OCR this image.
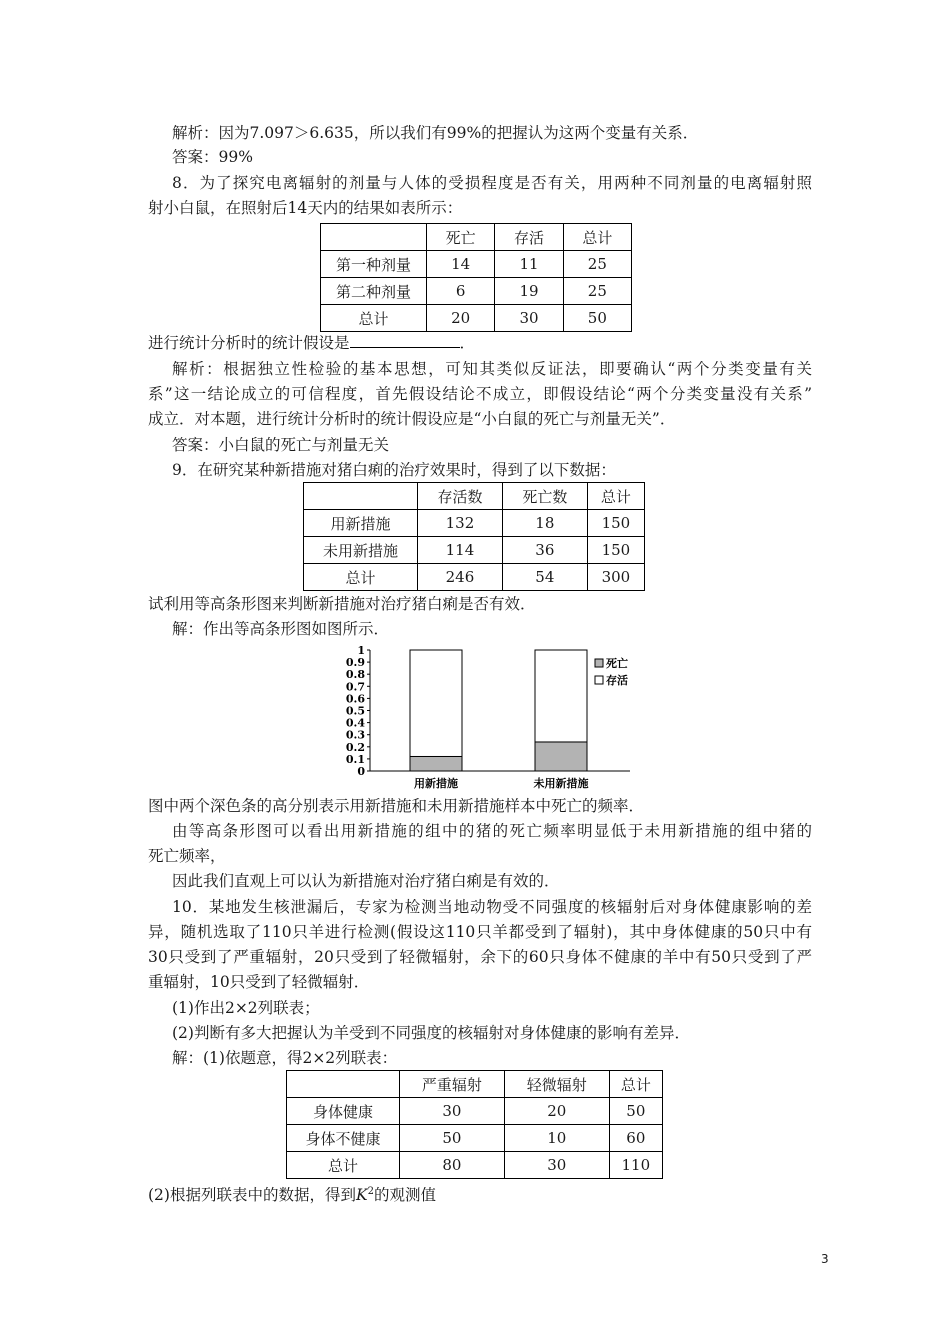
解析：因为7.097＞6.635，所以我们有99%的把握认为这两个变量有关系．
答案：99%
8．为了探究电离辐射的剂量与人体的受损程度是否有关，用两种不同剂量的电离辐射照
射小白鼠，在照射后14天内的结果如表所示：
	死亡	存活	总计
第一种剂量	14	11	25
第二种剂量	6	19	25
总计	20	30	50
进行统计分析时的统计假设是	．
解析：根据独立性检验的基本思想，可知其类似反证法，即要确认“两个分类变量有关
系”这一结论成立的可信程度，首先假设结论不成立，即假设结论“两个分类变量没有关系”
成立．对本题，进行统计分析时的统计假设应是“小白鼠的死亡与剂量无关”．
答案：小白鼠的死亡与剂量无关
9．在研究某种新措施对猪白痢的治疗效果时，得到了以下数据：
	存活数	死亡数	总计
用新措施	132	18	150
未用新措施	114	36	150
总计	246	54	300
试利用等高条形图来判断新措施对治疗猪白痢是否有效．
解：作出等高条形图如图所示．
0
0.1
0.2
0.3
0.4
0.5
0.6
0.7
0.8
0.9
1
用新措施	未用新措施
死亡
存活
图中两个深色条的高分别表示用新措施和未用新措施样本中死亡的频率．
由等高条形图可以看出用新措施的组中的猪的死亡频率明显低于未用新措施的组中猪的
死亡频率，
因此我们直观上可以认为新措施对治疗猪白痢是有效的．
10．某地发生核泄漏后，专家为检测当地动物受不同强度的核辐射后对身体健康影响的差
异，随机选取了110只羊进行检测(假设这110只羊都受到了辐射)，其中身体健康的50只中有
30只受到了严重辐射，20只受到了轻微辐射，余下的60只身体不健康的羊中有50只受到了严
重辐射，10只受到了轻微辐射．
(1)作出2×2列联表；
(2)判断有多大把握认为羊受到不同强度的核辐射对身体健康的影响有差异．
解：(1)依题意，得2×2列联表：
	严重辐射	轻微辐射	总计
身体健康	30	20	50
身体不健康	50	10	60
总计	80	30	110
(2)根据列联表中的数据，得到$K^2$的观测值
3
